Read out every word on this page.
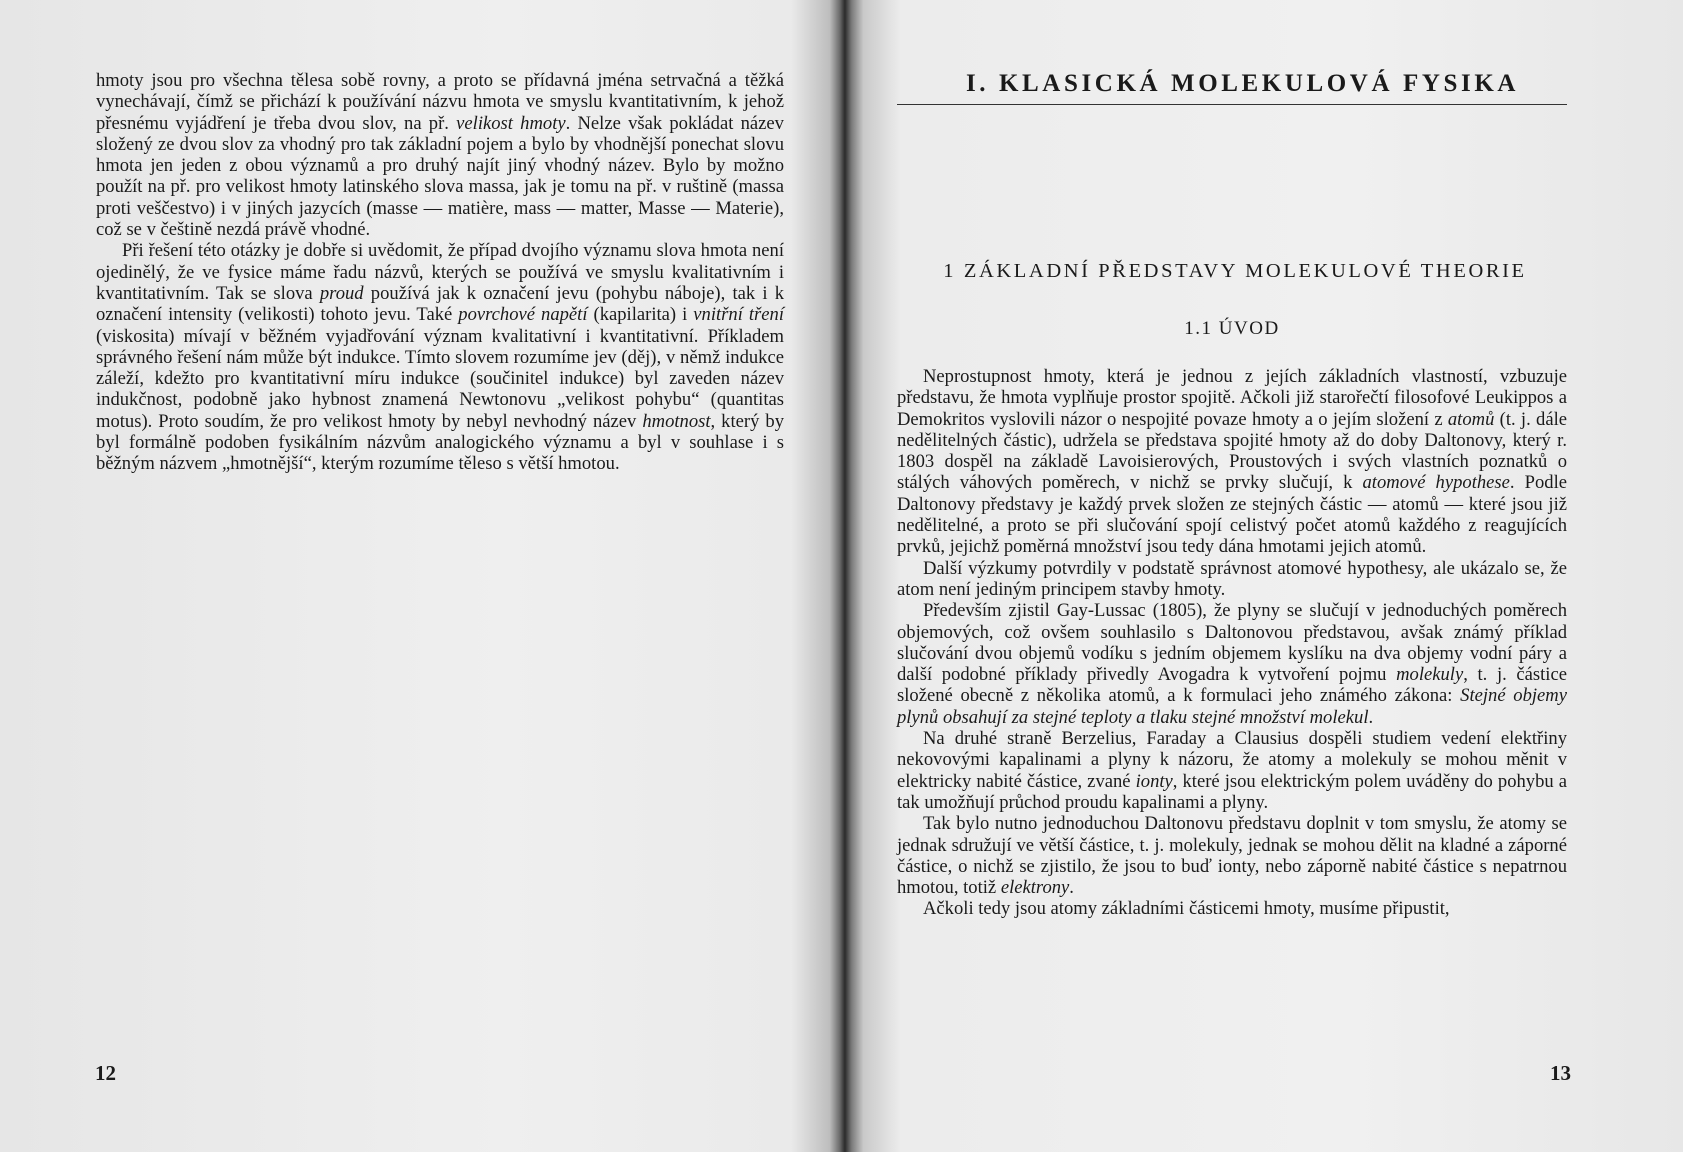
hmoty jsou pro všechna tělesa sobě rovny, a proto se přídavná jména setrvačná a těžká vynechávají, čímž se přichází k používání názvu hmota ve smyslu kvantitativním, k jehož přesnému vyjádření je třeba dvou slov, na př. velikost hmoty. Nelze však pokládat název složený ze dvou slov za vhodný pro tak základní pojem a bylo by vhodnější ponechat slovu hmota jen jeden z obou významů a pro druhý najít jiný vhodný název. Bylo by možno použít na př. pro velikost hmoty latinského slova massa, jak je tomu na př. v ruštině (massa proti veščestvo) i v jiných jazycích (masse — matière, mass — matter, Masse — Materie), což se v češtině nezdá právě vhodné.

Při řešení této otázky je dobře si uvědomit, že případ dvojího významu slova hmota není ojedinělý, že ve fysice máme řadu názvů, kterých se používá ve smyslu kvalitativním i kvantitativním. Tak se slova proud používá jak k označení jevu (pohybu náboje), tak i k označení intensity (velikosti) tohoto jevu. Také povrchové napětí (kapilarita) i vnitřní tření (viskosita) mívají v běžném vyjadřování význam kvalitativní i kvantitativní. Příkladem správného řešení nám může být indukce. Tímto slovem rozumíme jev (děj), v němž indukce záleží, kdežto pro kvantitativní míru indukce (součinitel indukce) byl zaveden název indukčnost, podobně jako hybnost znamená Newtonovu „velikost pohybu“ (quantitas motus). Proto soudím, že pro velikost hmoty by nebyl nevhodný název hmotnost, který by byl formálně podoben fysikálním názvům analogického významu a byl v souhlase i s běžným názvem „hmotnější“, kterým rozumíme těleso s větší hmotou.

12
I. KLASICKÁ MOLEKULOVÁ FYSIKA
1 ZÁKLADNÍ PŘEDSTAVY MOLEKULOVÉ THEORIE
1.1 ÚVOD

Neprostupnost hmoty, která je jednou z jejích základních vlastností, vzbuzuje představu, že hmota vyplňuje prostor spojitě. Ačkoli již starořečtí filosofové Leukippos a Demokritos vyslovili názor o nespojité povaze hmoty a o jejím složení z atomů (t. j. dále nedělitelných částic), udržela se představa spojité hmoty až do doby Daltonovy, který r. 1803 dospěl na základě Lavoisierových, Proustových i svých vlastních poznatků o stálých váhových poměrech, v nichž se prvky slučují, k atomové hypothese. Podle Daltonovy představy je každý prvek složen ze stejných částic — atomů — které jsou již nedělitelné, a proto se při slučování spojí celistvý počet atomů každého z reagujících prvků, jejichž poměrná množství jsou tedy dána hmotami jejich atomů.

Další výzkumy potvrdily v podstatě správnost atomové hypothesy, ale ukázalo se, že atom není jediným principem stavby hmoty.

Především zjistil Gay-Lussac (1805), že plyny se slučují v jednoduchých poměrech objemových, což ovšem souhlasilo s Daltonovou představou, avšak známý příklad slučování dvou objemů vodíku s jedním objemem kyslíku na dva objemy vodní páry a další podobné příklady přivedly Avogadra k vytvoření pojmu molekuly, t. j. částice složené obecně z několika atomů, a k formulaci jeho známého zákona: Stejné objemy plynů obsahují za stejné teploty a tlaku stejné množství molekul.

Na druhé straně Berzelius, Faraday a Clausius dospěli studiem vedení elektřiny nekovovými kapalinami a plyny k názoru, že atomy a molekuly se mohou měnit v elektricky nabité částice, zvané ionty, které jsou elektrickým polem uváděny do pohybu a tak umožňují průchod proudu kapalinami a plyny.

Tak bylo nutno jednoduchou Daltonovu představu doplnit v tom smyslu, že atomy se jednak sdružují ve větší částice, t. j. molekuly, jednak se mohou dělit na kladné a záporné částice, o nichž se zjistilo, že jsou to buď ionty, nebo záporně nabité částice s nepatrnou hmotou, totiž elektrony.

Ačkoli tedy jsou atomy základními částicemi hmoty, musíme připustit,

13
